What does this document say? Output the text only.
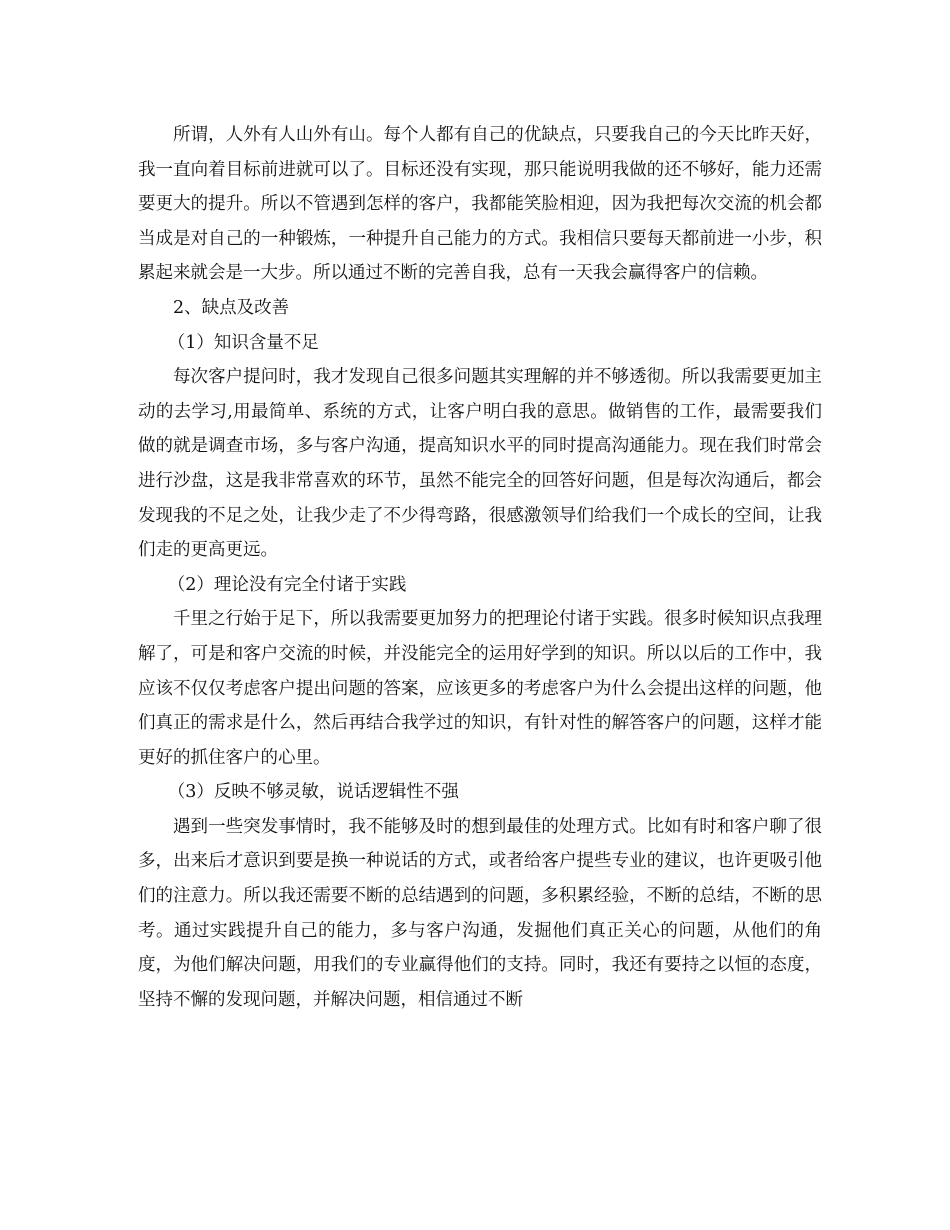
所谓，人外有人山外有山。每个人都有自己的优缺点，只要我自己的今天比昨天好，我一直向着目标前进就可以了。目标还没有实现，那只能说明我做的还不够好，能力还需要更大的提升。所以不管遇到怎样的客户，我都能笑脸相迎，因为我把每次交流的机会都当成是对自己的一种锻炼，一种提升自己能力的方式。我相信只要每天都前进一小步，积累起来就会是一大步。所以通过不断的完善自我，总有一天我会赢得客户的信赖。

2、缺点及改善

（1）知识含量不足

每次客户提问时，我才发现自己很多问题其实理解的并不够透彻。所以我需要更加主动的去学习,用最简单、系统的方式，让客户明白我的意思。做销售的工作，最需要我们做的就是调查市场，多与客户沟通，提高知识水平的同时提高沟通能力。现在我们时常会进行沙盘，这是我非常喜欢的环节，虽然不能完全的回答好问题，但是每次沟通后，都会发现我的不足之处，让我少走了不少得弯路，很感激领导们给我们一个成长的空间，让我们走的更高更远。

（2）理论没有完全付诸于实践

千里之行始于足下，所以我需要更加努力的把理论付诸于实践。很多时候知识点我理解了，可是和客户交流的时候，并没能完全的运用好学到的知识。所以以后的工作中，我应该不仅仅考虑客户提出问题的答案，应该更多的考虑客户为什么会提出这样的问题，他们真正的需求是什么，然后再结合我学过的知识，有针对性的解答客户的问题，这样才能更好的抓住客户的心里。

（3）反映不够灵敏，说话逻辑性不强

遇到一些突发事情时，我不能够及时的想到最佳的处理方式。比如有时和客户聊了很多，出来后才意识到要是换一种说话的方式，或者给客户提些专业的建议，也许更吸引他们的注意力。所以我还需要不断的总结遇到的问题，多积累经验，不断的总结，不断的思考。通过实践提升自己的能力，多与客户沟通，发掘他们真正关心的问题，从他们的角度，为他们解决问题，用我们的专业赢得他们的支持。同时，我还有要持之以恒的态度，坚持不懈的发现问题，并解决问题，相信通过不断
